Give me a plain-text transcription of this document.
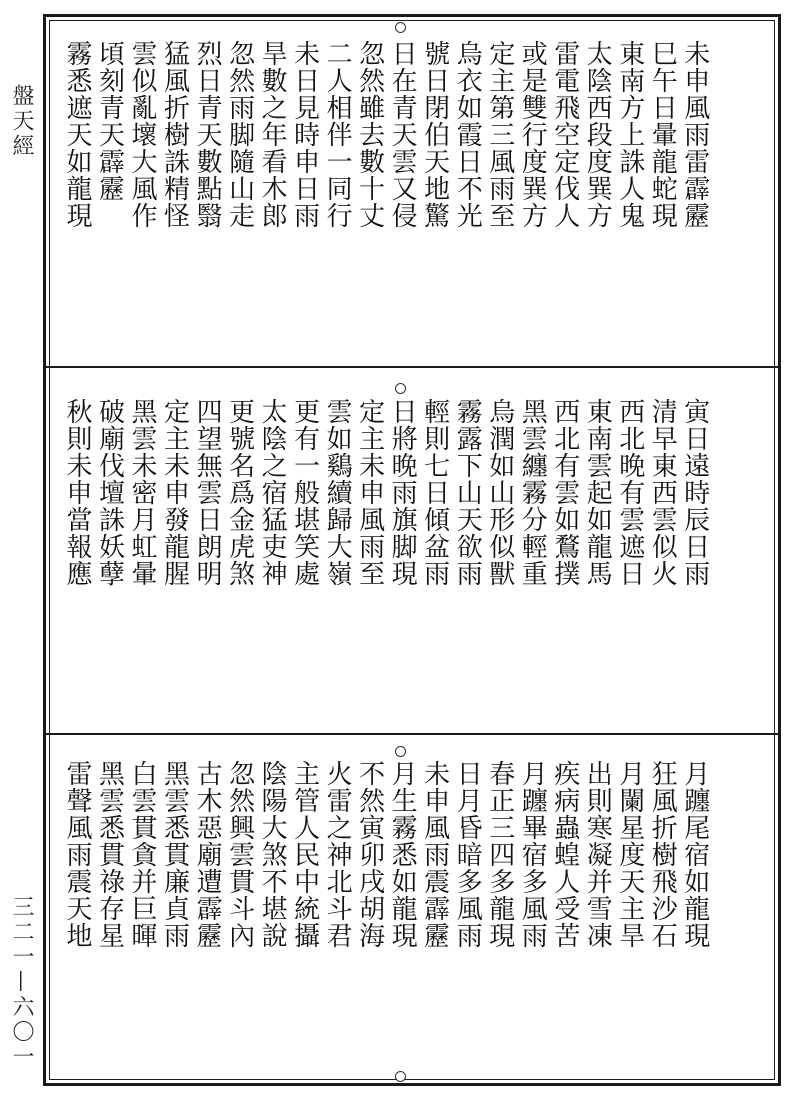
盤天經
三二一—六〇一
未申風雨雷霹靂
巳午日暈龍蛇現
東南方上誅人鬼
太陰西段度巽方
雷電飛空定伐人
或是雙行度巽方
定主第三風雨至
烏衣如霞日不光
號日閉伯天地驚
日在青天雲又侵
忽然雖去數十丈
二人相伴一同行
未日見時申日雨
旱數之年看木郎
忽然雨脚隨山走
烈日青天數點翳
猛風折樹誅精怪
雲似亂壞大風作
頃刻青天霹靂
霧悉遮天如龍現
寅日遠時辰日雨
清早東西雲似火
西北晚有雲遮日
東南雲起如龍馬
西北有雲如鶩撲
黑雲纏霧分輕重
烏潤如山形似獸
霧露下山天欲雨
輕則七日傾盆雨
日將晚雨旗脚現
定主未申風雨至
雲如鷄續歸大嶺
更有一般堪笑處
太陰之宿猛吏神
更號名爲金虎煞
四望無雲日朗明
定主未申發龍腥
黑雲未密月虹暈
破廟伐壇誅妖孽
秋則未申當報應
月躔尾宿如龍現
狂風折樹飛沙石
月闌星度天主旱
出則寒凝并雪凍
疾病蟲蝗人受苦
月躔畢宿多風雨
春正三四多龍現
日月昏暗多風雨
未申風雨震霹靂
月生霧悉如龍現
不然寅卯戌胡海
火雷之神北斗君
主管人民中統攝
陰陽大煞不堪說
忽然興雲貫斗內
古木惡廟遭霹靂
黑雲悉貫廉貞雨
白雲貫貪并巨暉
黑雲悉貫祿存星
雷聲風雨震天地
